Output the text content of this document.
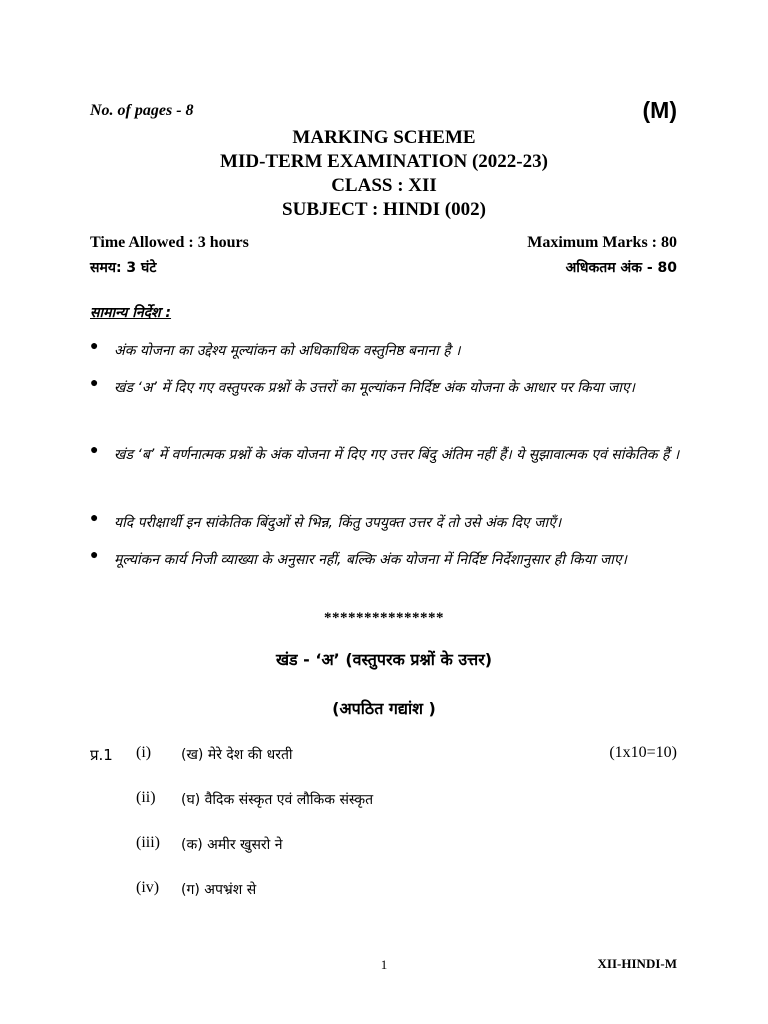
No. of pages - 8	(M)
MARKING SCHEME
MID-TERM EXAMINATION (2022-23)
CLASS : XII
SUBJECT : HINDI (002)
Time Allowed : 3 hours	Maximum Marks : 80
समय: 3 घंटे	अधिकतम अंक - 80
सामान्य निर्देश :
●	अंक योजना का उद्देश्य मूल्यांकन को अधिकाधिक वस्तुनिष्ठ बनाना है ।
●	खंड ‘अ’ में दिए गए वस्तुपरक प्रश्नों के उत्तरों का मूल्यांकन निर्दिष्ट अंक योजना के आधार पर किया जाए।
●	खंड ‘ब’ में वर्णनात्मक प्रश्नों के अंक योजना में दिए गए उत्तर बिंदु अंतिम नहीं हैं। ये सुझावात्मक एवं सांकेतिक हैं ।
●	यदि परीक्षार्थी इन सांकेतिक बिंदुओं से भिन्न, किंतु उपयुक्त उत्तर दें तो उसे अंक दिए जाएँ।
●	मूल्यांकन कार्य निजी व्याख्या के अनुसार नहीं, बल्कि अंक योजना में निर्दिष्ट निर्देशानुसार ही किया जाए।
***************
खंड - ‘अ’ (वस्तुपरक प्रश्नों के उत्तर)
(अपठित गद्यांश )
प्र.1	(1x10=10)
(i) (ख) मेरे देश की धरती
(ii) (घ) वैदिक संस्कृत एवं लौकिक संस्कृत
(iii) (क) अमीर खुसरो ने
(iv) (ग) अपभ्रंश से
1	XII-HINDI-M
